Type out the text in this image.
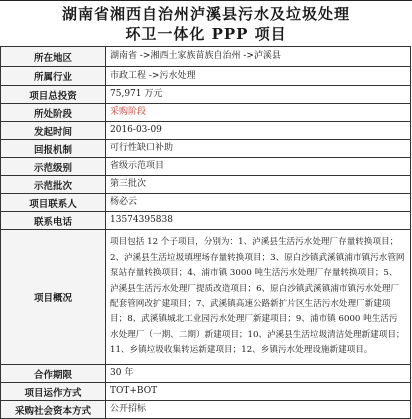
湖南省湘西自治州泸溪县污水及垃圾处理
环卫一体化 PPP 项目
所在地区	湖南省 ->湘西土家族苗族自治州 ->泸溪县
所属行业	市政工程 ->污水处理
项目总投资	75,971 万元
所处阶段	采购阶段
发起时间	2016-03-09
回报机制	可行性缺口补助
示范级别	省级示范项目
示范批次	第三批次
项目联系人	杨必云
联系电话	13574395838
项目概况	项目包括 12 个子项目，分别为：1、泸溪县生活污水处理厂存量转换项目；2、泸溪县生活垃圾填埋场存量转换项目；3、原白沙镇武溪镇浦市镇污水管网泵站存量转换项目；4、浦市镇 3000 吨生活污水处理厂存量转换项目；5、泸溪县生活污水处理厂提质改造项目；6、原白沙镇武溪镇浦市镇污水处理厂配套管网改扩建项目；7、武溪镇高速公路新扩片区生活污水处理厂新建项目；8、武溪镇城北工业园污水处理厂新建项目；9、浦市镇 6000 吨生活污水处理厂（一期、二期）新建项目；10、泸溪县生活垃圾清洁处理新建项目；11、乡镇垃圾收集转运新建项目；12、乡镇污水处理设施新建项目。
合作期限	30 年
项目运作方式	TOT+BOT
采购社会资本方式	公开招标
